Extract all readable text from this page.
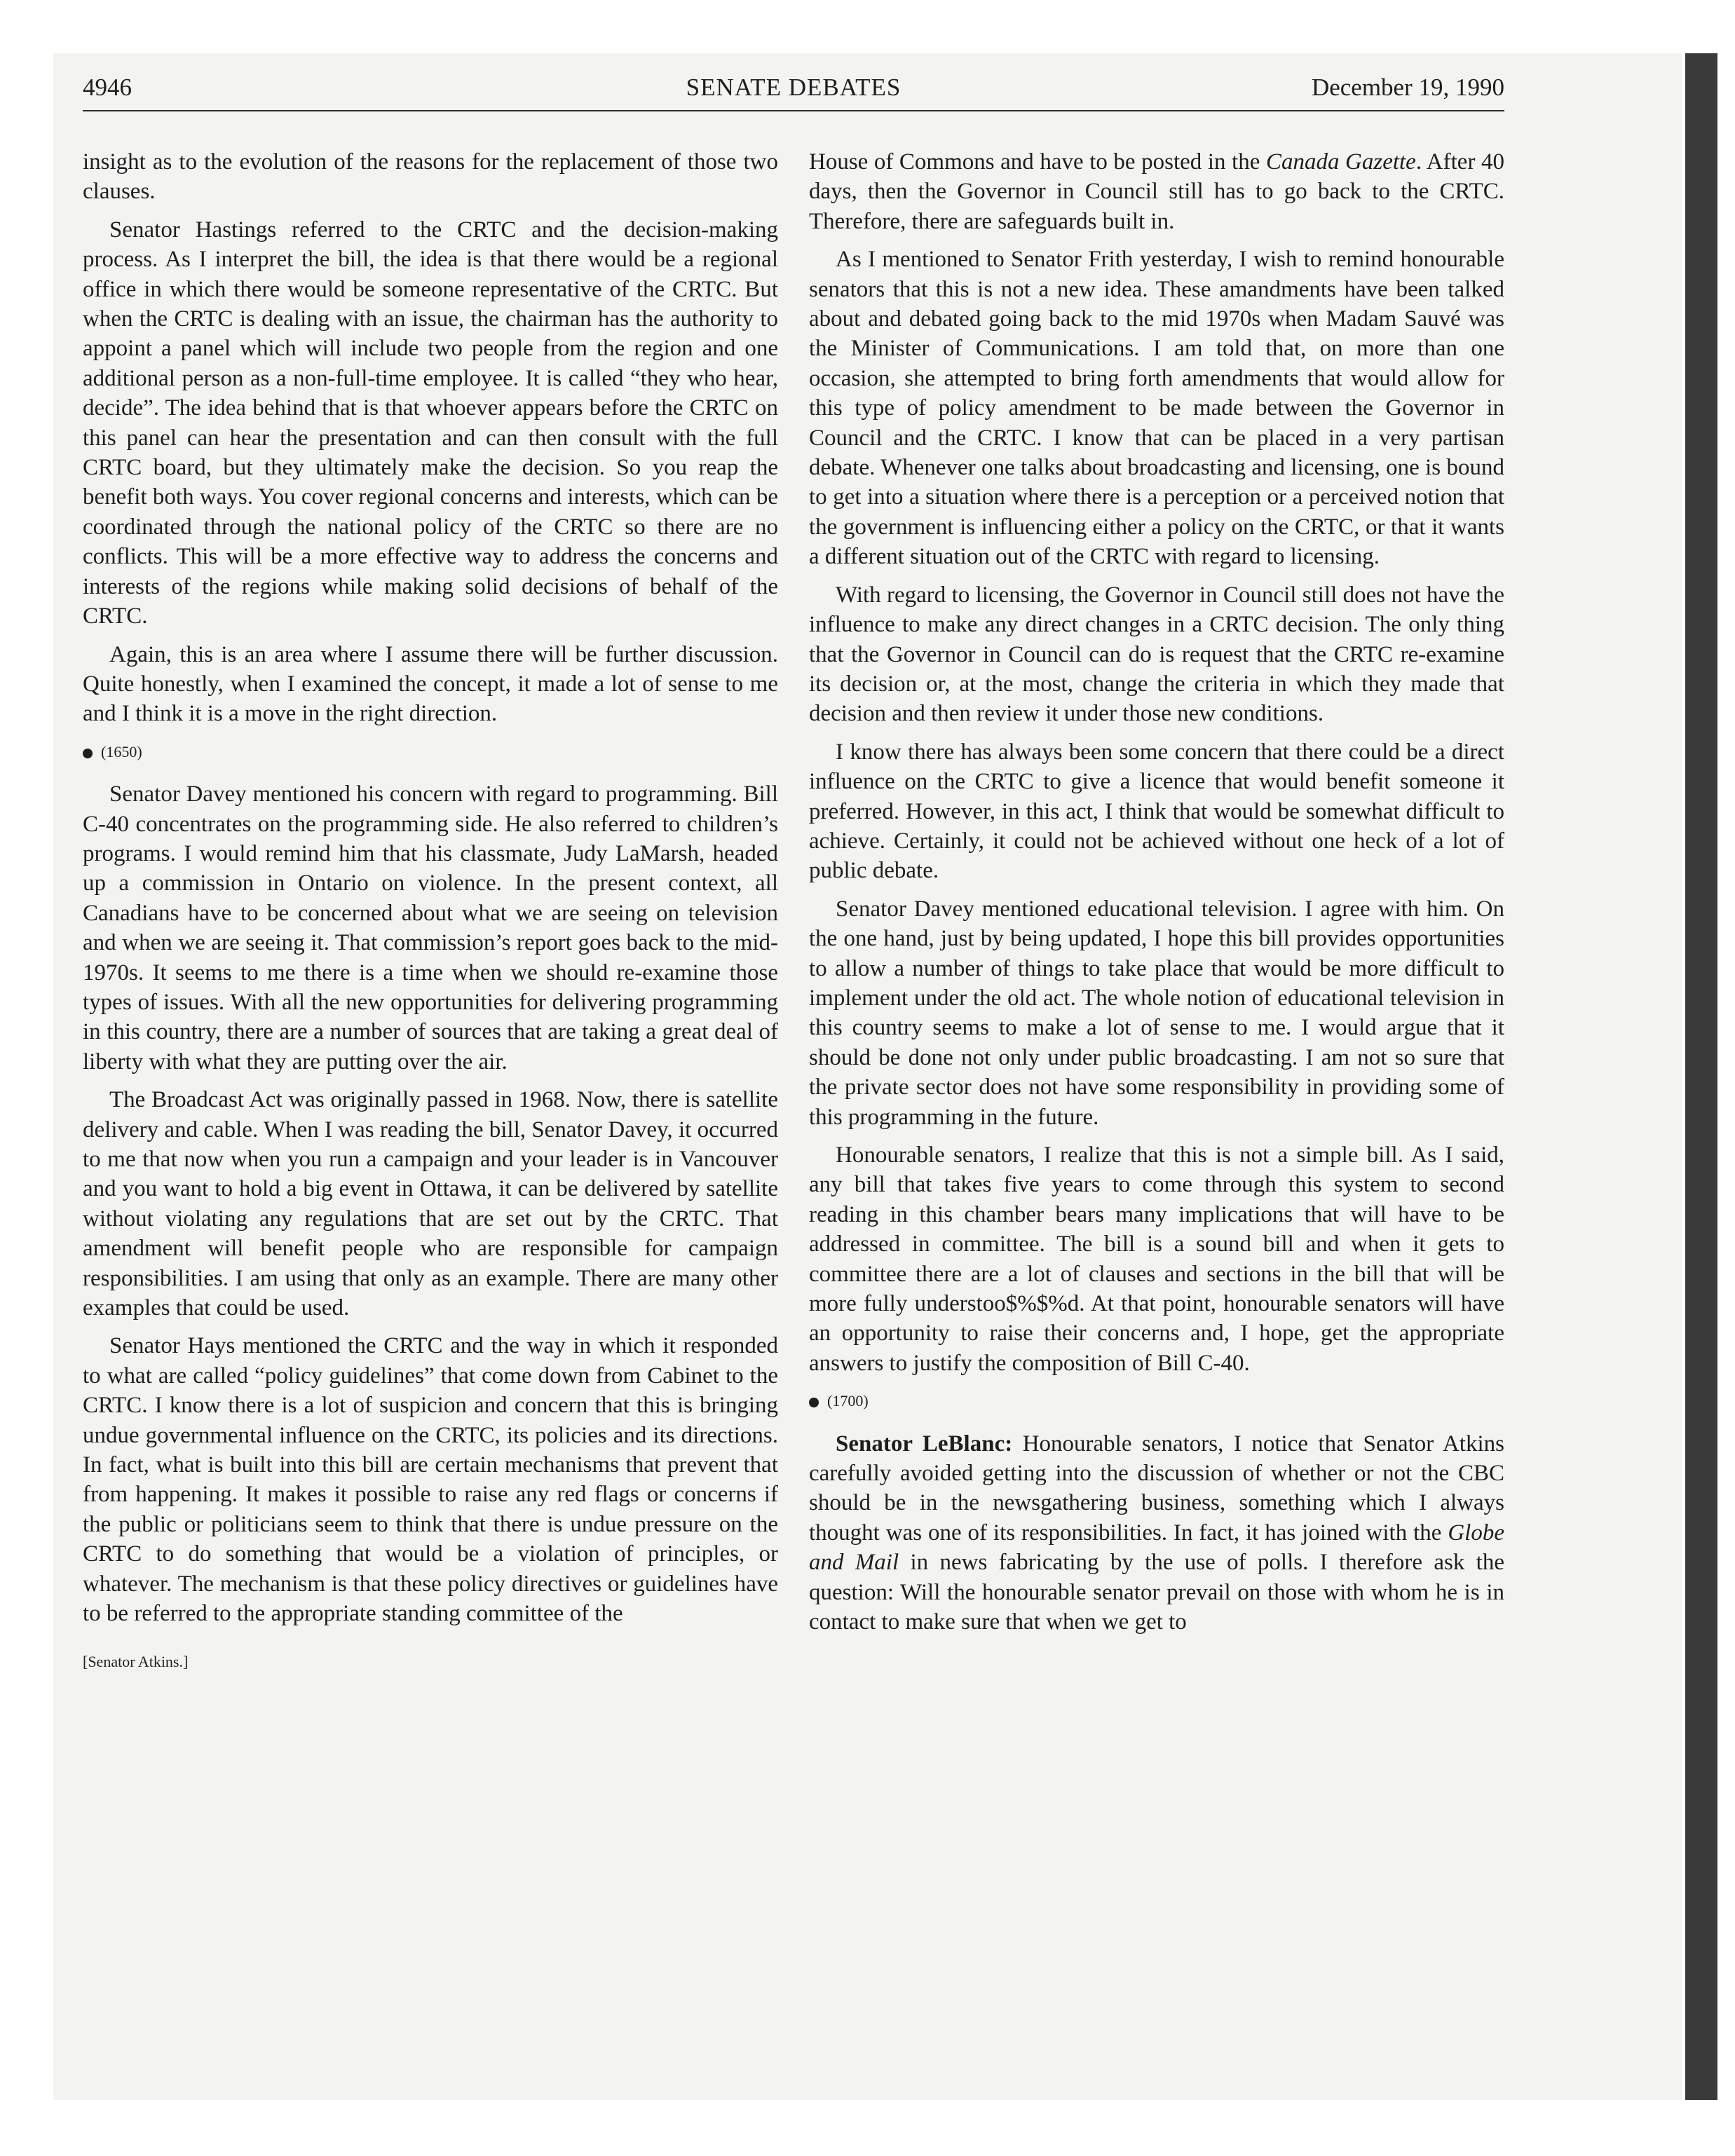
4946	SENATE DEBATES	December 19, 1990

insight as to the evolution of the reasons for the replacement of those two clauses.

Senator Hastings referred to the CRTC and the decision-making process. As I interpret the bill, the idea is that there would be a regional office in which there would be someone representative of the CRTC. But when the CRTC is dealing with an issue, the chairman has the authority to appoint a panel which will include two people from the region and one additional person as a non-full-time employee. It is called “they who hear, decide”. The idea behind that is that whoever appears before the CRTC on this panel can hear the presentation and can then consult with the full CRTC board, but they ultimately make the decision. So you reap the benefit both ways. You cover regional concerns and interests, which can be coordinated through the national policy of the CRTC so there are no conflicts. This will be a more effective way to address the concerns and interests of the regions while making solid decisions of behalf of the CRTC.

Again, this is an area where I assume there will be further discussion. Quite honestly, when I examined the concept, it made a lot of sense to me and I think it is a move in the right direction.

(1650)

Senator Davey mentioned his concern with regard to programming. Bill C-40 concentrates on the programming side. He also referred to children’s programs. I would remind him that his classmate, Judy LaMarsh, headed up a commission in Ontario on violence. In the present context, all Canadians have to be concerned about what we are seeing on television and when we are seeing it. That commission’s report goes back to the mid-1970s. It seems to me there is a time when we should re-examine those types of issues. With all the new opportunities for delivering programming in this country, there are a number of sources that are taking a great deal of liberty with what they are putting over the air.

The Broadcast Act was originally passed in 1968. Now, there is satellite delivery and cable. When I was reading the bill, Senator Davey, it occurred to me that now when you run a campaign and your leader is in Vancouver and you want to hold a big event in Ottawa, it can be delivered by satellite without violating any regulations that are set out by the CRTC. That amendment will benefit people who are responsible for campaign responsibilities. I am using that only as an example. There are many other examples that could be used.

Senator Hays mentioned the CRTC and the way in which it responded to what are called “policy guidelines” that come down from Cabinet to the CRTC. I know there is a lot of suspicion and concern that this is bringing undue governmental influence on the CRTC, its policies and its directions. In fact, what is built into this bill are certain mechanisms that prevent that from happening. It makes it possible to raise any red flags or concerns if the public or politicians seem to think that there is undue pressure on the CRTC to do something that would be a violation of principles, or whatever. The mechanism is that these policy directives or guidelines have to be referred to the appropriate standing committee of the

[Senator Atkins.]

House of Commons and have to be posted in the Canada Gazette. After 40 days, then the Governor in Council still has to go back to the CRTC. Therefore, there are safeguards built in.

As I mentioned to Senator Frith yesterday, I wish to remind honourable senators that this is not a new idea. These amandments have been talked about and debated going back to the mid 1970s when Madam Sauvé was the Minister of Communications. I am told that, on more than one occasion, she attempted to bring forth amendments that would allow for this type of policy amendment to be made between the Governor in Council and the CRTC. I know that can be placed in a very partisan debate. Whenever one talks about broadcasting and licensing, one is bound to get into a situation where there is a perception or a perceived notion that the government is influencing either a policy on the CRTC, or that it wants a different situation out of the CRTC with regard to licensing.

With regard to licensing, the Governor in Council still does not have the influence to make any direct changes in a CRTC decision. The only thing that the Governor in Council can do is request that the CRTC re-examine its decision or, at the most, change the criteria in which they made that decision and then review it under those new conditions.

I know there has always been some concern that there could be a direct influence on the CRTC to give a licence that would benefit someone it preferred. However, in this act, I think that would be somewhat difficult to achieve. Certainly, it could not be achieved without one heck of a lot of public debate.

Senator Davey mentioned educational television. I agree with him. On the one hand, just by being updated, I hope this bill provides opportunities to allow a number of things to take place that would be more difficult to implement under the old act. The whole notion of educational television in this country seems to make a lot of sense to me. I would argue that it should be done not only under public broadcasting. I am not so sure that the private sector does not have some responsibility in providing some of this programming in the future.

Honourable senators, I realize that this is not a simple bill. As I said, any bill that takes five years to come through this system to second reading in this chamber bears many implications that will have to be addressed in committee. The bill is a sound bill and when it gets to committee there are a lot of clauses and sections in the bill that will be more fully understoo$%$%d. At that point, honourable senators will have an opportunity to raise their concerns and, I hope, get the appropriate answers to justify the composition of Bill C-40.

(1700)

Senator LeBlanc: Honourable senators, I notice that Senator Atkins carefully avoided getting into the discussion of whether or not the CBC should be in the newsgathering business, something which I always thought was one of its responsibilities. In fact, it has joined with the Globe and Mail in news fabricating by the use of polls. I therefore ask the question: Will the honourable senator prevail on those with whom he is in contact to make sure that when we get to
